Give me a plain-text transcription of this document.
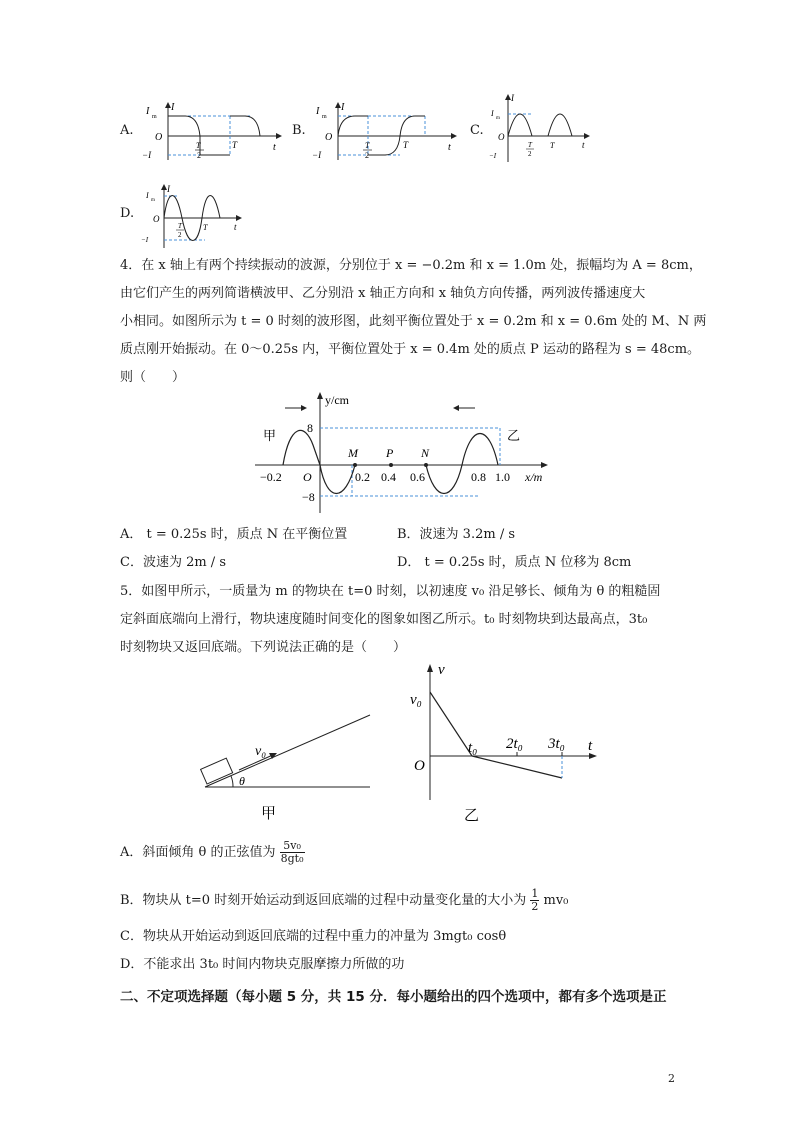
A.
I m
I
O
−I
T
2
T	t
B.
I m
I
O
−I
T
2
T	t
C.
I
m
I
O
−I
T
2
T	t
D.
I
m
I
O
−I
T
2
T	t
4．在 x 轴上有两个持续振动的波源，分别位于 x = −0.2m 和 x = 1.0m 处，振幅均为 A = 8cm，
由它们产生的两列简谐横波甲、乙分别沿 x 轴正方向和 x 轴负方向传播，两列波传播速度大
小相同。如图所示为 t = 0 时刻的波形图，此刻平衡位置处于 x = 0.2m 和 x = 0.6m 处的 M、N 两
质点刚开始振动。在 0～0.25s 内，平衡位置处于 x = 0.4m 处的质点 P 运动的路程为 s = 48cm。
则（　　）
y/cm
x/m
8
−8
O
甲	乙
−0.2	0.2 0.4 0.6	0.8 1.0
M P N
A． t = 0.25s 时，质点 N 在平衡位置	B．波速为 3.2m / s
C．波速为 2m / s	D． t = 0.25s 时，质点 N 位移为 8cm
5．如图甲所示，一质量为 m 的物块在 t=0 时刻，以初速度 v₀ 沿足够长、倾角为 θ 的粗糙固
定斜面底端向上滑行，物块速度随时间变化的图象如图乙所示。t₀ 时刻物块到达最高点，3t₀
时刻物块又返回底端。下列说法正确的是（　　）
v₀
θ
甲
v
v₀
O
t₀ 2t₀ 3t₀ t
乙
A．斜面倾角 θ 的正弦值为 $\frac{\text{5v₀}}{\text{8gt₀}}$
B．物块从 t=0 时刻开始运动到返回底端的过程中动量变化量的大小为 $\frac{1}{2} mv_0$
C．物块从开始运动到返回底端的过程中重力的冲量为 3mgt₀ cosθ
D．不能求出 3t₀ 时间内物块克服摩擦力所做的功
二、不定项选择题（每小题 5 分，共 15 分．每小题给出的四个选项中，都有多个选项是正
2
